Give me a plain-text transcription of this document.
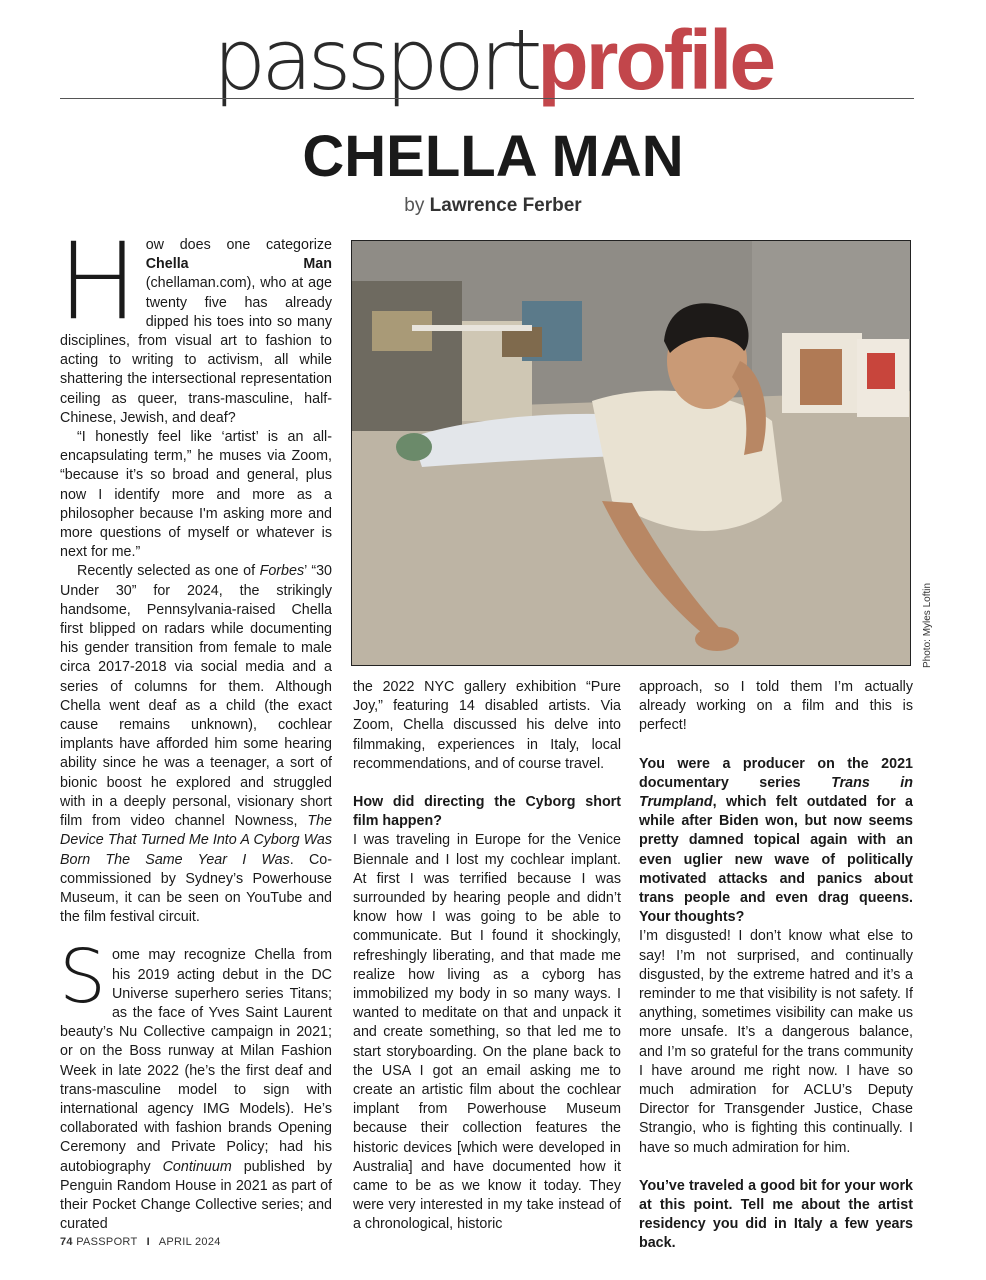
passportprofile
CHELLA MAN
by Lawrence Ferber

How does one categorize Chella Man (chellaman.com), who at age twenty five has already dipped his toes into so many disciplines, from visual art to fashion to acting to writing to activism, all while shattering the intersectional representation ceiling as queer, trans-masculine, half-Chinese, Jewish, and deaf?

“I honestly feel like ‘artist’ is an all-encapsulating term,” he muses via Zoom, “because it’s so broad and general, plus now I identify more and more as a philosopher because I'm asking more and more questions of myself or whatever is next for me.”

Recently selected as one of Forbes’ “30 Under 30” for 2024, the strikingly handsome, Pennsylvania-raised Chella first blipped on radars while documenting his gender transition from female to male circa 2017-2018 via social media and a series of columns for them. Although Chella went deaf as a child (the exact cause remains unknown), cochlear implants have afforded him some hearing ability since he was a teenager, a sort of bionic boost he explored and struggled with in a deeply personal, visionary short film from video channel Nowness, The Device That Turned Me Into A Cyborg Was Born The Same Year I Was. Co-commissioned by Sydney’s Powerhouse Museum, it can be seen on YouTube and the film festival circuit.

Some may recognize Chella from his 2019 acting debut in the DC Universe superhero series Titans; as the face of Yves Saint Laurent beauty’s Nu Collective campaign in 2021; or on the Boss runway at Milan Fashion Week in late 2022 (he’s the first deaf and trans-masculine model to sign with international agency IMG Models). He’s collaborated with fashion brands Opening Ceremony and Private Policy; had his autobiography Continuum published by Penguin Random House in 2021 as part of their Pocket Change Collective series; and curated

Photo: Myles Loftin

the 2022 NYC gallery exhibition “Pure Joy,” featuring 14 disabled artists. Via Zoom, Chella discussed his delve into filmmaking, experiences in Italy, local recommendations, and of course travel.

How did directing the Cyborg short film happen?

I was traveling in Europe for the Venice Biennale and I lost my cochlear implant. At first I was terrified because I was surrounded by hearing people and didn’t know how I was going to be able to communicate. But I found it shockingly, refreshingly liberating, and that made me realize how living as a cyborg has immobilized my body in so many ways. I wanted to meditate on that and unpack it and create something, so that led me to start storyboarding. On the plane back to the USA I got an email asking me to create an artistic film about the cochlear implant from Powerhouse Museum because their collection features the historic devices [which were developed in Australia] and have documented how it came to be as we know it today. They were very interested in my take instead of a chronological, historic

approach, so I told them I’m actually already working on a film and this is perfect!

You were a producer on the 2021 documentary series Trans in Trumpland, which felt outdated for a while after Biden won, but now seems pretty damned topical again with an even uglier new wave of politically motivated attacks and panics about trans people and even drag queens. Your thoughts?

I’m disgusted! I don’t know what else to say! I’m not surprised, and continually disgusted, by the extreme hatred and it’s a reminder to me that visibility is not safety. If anything, sometimes visibility can make us more unsafe. It’s a dangerous balance, and I’m so grateful for the trans community I have around me right now. I have so much admiration for ACLU’s Deputy Director for Transgender Justice, Chase Strangio, who is fighting this continually. I have so much admiration for him.

You’ve traveled a good bit for your work at this point. Tell me about the artist residency you did in Italy a few years back.

74 PASSPORT I APRIL 2024
